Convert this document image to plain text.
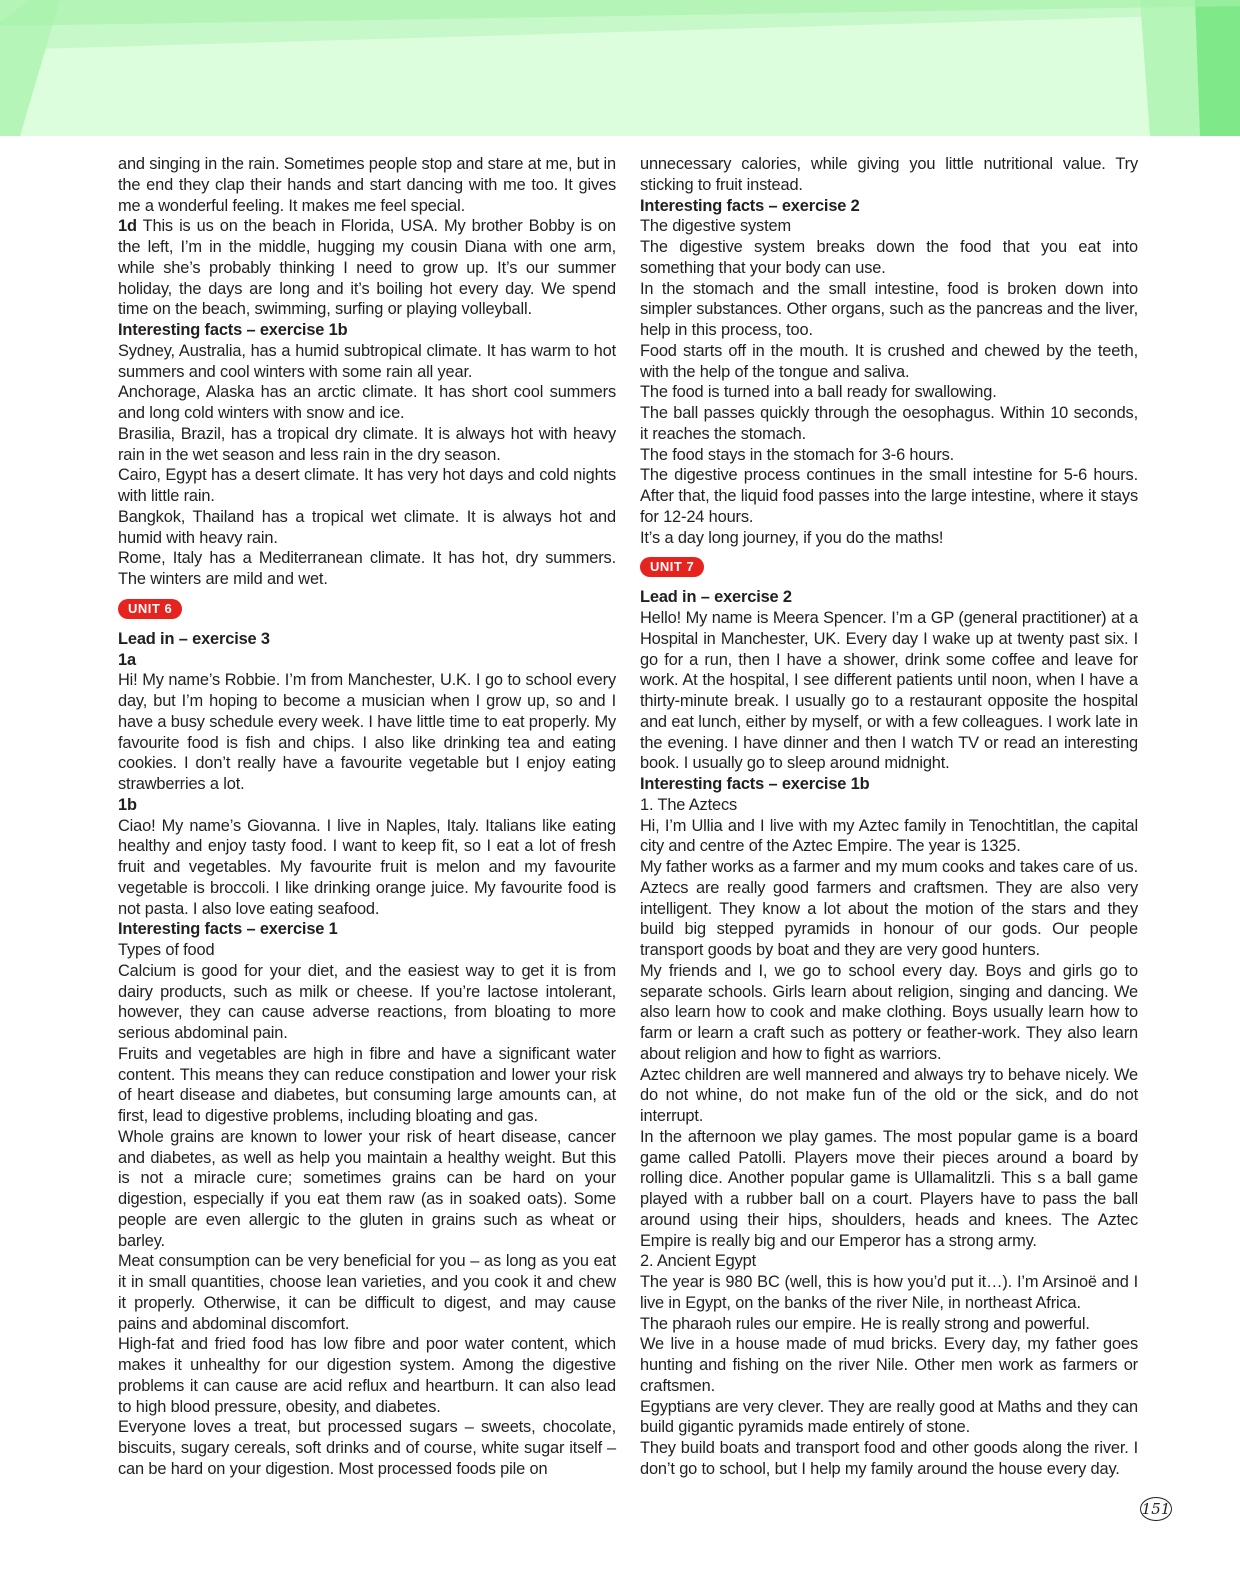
and singing in the rain. Sometimes people stop and stare at me, but in the end they clap their hands and start dancing with me too. It gives me a wonderful feeling. It makes me feel special.

1d This is us on the beach in Florida, USA. My brother Bobby is on the left, I’m in the middle, hugging my cousin Diana with one arm, while she’s probably thinking I need to grow up. It’s our summer holiday, the days are long and it’s boiling hot every day. We spend time on the beach, swimming, surfing or playing volleyball.

Interesting facts – exercise 1b

Sydney, Australia, has a humid subtropical climate. It has warm to hot summers and cool winters with some rain all year.

Anchorage, Alaska has an arctic climate. It has short cool summers and long cold winters with snow and ice.

Brasilia, Brazil, has a tropical dry climate. It is always hot with heavy rain in the wet season and less rain in the dry season.

Cairo, Egypt has a desert climate. It has very hot days and cold nights with little rain.

Bangkok, Thailand has a tropical wet climate. It is always hot and humid with heavy rain.

Rome, Italy has a Mediterranean climate. It has hot, dry summers. The winters are mild and wet.

UNIT 6
Lead in – exercise 3
1a

Hi! My name’s Robbie. I’m from Manchester, U.K. I go to school every day, but I’m hoping to become a musician when I grow up, so and I have a busy schedule every week. I have little time to eat properly. My favourite food is fish and chips. I also like drinking tea and eating cookies. I don’t really have a favourite vegetable but I enjoy eating strawberries a lot.

1b

Ciao! My name’s Giovanna. I live in Naples, Italy. Italians like eating healthy and enjoy tasty food. I want to keep fit, so I eat a lot of fresh fruit and vegetables. My favourite fruit is melon and my favourite vegetable is broccoli. I like drinking orange juice. My favourite food is not pasta. I also love eating seafood.

Interesting facts – exercise 1

Types of food

Calcium is good for your diet, and the easiest way to get it is from dairy products, such as milk or cheese. If you’re lactose intolerant, however, they can cause adverse reactions, from bloating to more serious abdominal pain.

Fruits and vegetables are high in fibre and have a significant water content. This means they can reduce constipation and lower your risk of heart disease and diabetes, but consuming large amounts can, at first, lead to digestive problems, including bloating and gas.

Whole grains are known to lower your risk of heart disease, cancer and diabetes, as well as help you maintain a healthy weight. But this is not a miracle cure; sometimes grains can be hard on your digestion, especially if you eat them raw (as in soaked oats). Some people are even allergic to the gluten in grains such as wheat or barley.

Meat consumption can be very beneficial for you – as long as you eat it in small quantities, choose lean varieties, and you cook it and chew it properly. Otherwise, it can be difficult to digest, and may cause pains and abdominal discomfort.

High-fat and fried food has low fibre and poor water content, which makes it unhealthy for our digestion system. Among the digestive problems it can cause are acid reflux and heartburn. It can also lead to high blood pressure, obesity, and diabetes.

Everyone loves a treat, but processed sugars – sweets, chocolate, biscuits, sugary cereals, soft drinks and of course, white sugar itself – can be hard on your digestion. Most processed foods pile on

unnecessary calories, while giving you little nutritional value. Try sticking to fruit instead.

Interesting facts – exercise 2

The digestive system

The digestive system breaks down the food that you eat into something that your body can use.

In the stomach and the small intestine, food is broken down into simpler substances. Other organs, such as the pancreas and the liver, help in this process, too.

Food starts off in the mouth. It is crushed and chewed by the teeth, with the help of the tongue and saliva.

The food is turned into a ball ready for swallowing.

The ball passes quickly through the oesophagus. Within 10 seconds, it reaches the stomach.

The food stays in the stomach for 3-6 hours.

The digestive process continues in the small intestine for 5-6 hours. After that, the liquid food passes into the large intestine, where it stays for 12-24 hours.

It’s a day long journey, if you do the maths!

UNIT 7
Lead in – exercise 2

Hello! My name is Meera Spencer. I’m a GP (general practitioner) at a Hospital in Manchester, UK. Every day I wake up at twenty past six. I go for a run, then I have a shower, drink some coffee and leave for work. At the hospital, I see different patients until noon, when I have a thirty-minute break. I usually go to a restaurant opposite the hospital and eat lunch, either by myself, or with a few colleagues. I work late in the evening. I have dinner and then I watch TV or read an interesting book. I usually go to sleep around midnight.

Interesting facts – exercise 1b

1. The Aztecs

Hi, I’m Ullia and I live with my Aztec family in Tenochtitlan, the capital city and centre of the Aztec Empire. The year is 1325.

My father works as a farmer and my mum cooks and takes care of us. Aztecs are really good farmers and craftsmen. They are also very intelligent. They know a lot about the motion of the stars and they build big stepped pyramids in honour of our gods. Our people transport goods by boat and they are very good hunters.

My friends and I, we go to school every day. Boys and girls go to separate schools. Girls learn about religion, singing and dancing. We also learn how to cook and make clothing. Boys usually learn how to farm or learn a craft such as pottery or feather-work. They also learn about religion and how to fight as warriors.

Aztec children are well mannered and always try to behave nicely. We do not whine, do not make fun of the old or the sick, and do not interrupt.

In the afternoon we play games. The most popular game is a board game called Patolli. Players move their pieces around a board by rolling dice. Another popular game is Ullamalitzli. This s a ball game played with a rubber ball on a court. Players have to pass the ball around using their hips, shoulders, heads and knees. The Aztec Empire is really big and our Emperor has a strong army.

2. Ancient Egypt

The year is 980 BC (well, this is how you’d put it…). I’m Arsinoë and I live in Egypt, on the banks of the river Nile, in northeast Africa.

The pharaoh rules our empire. He is really strong and powerful.

We live in a house made of mud bricks. Every day, my father goes hunting and fishing on the river Nile. Other men work as farmers or craftsmen.

Egyptians are very clever. They are really good at Maths and they can build gigantic pyramids made entirely of stone.

They build boats and transport food and other goods along the river. I don’t go to school, but I help my family around the house every day.

151
